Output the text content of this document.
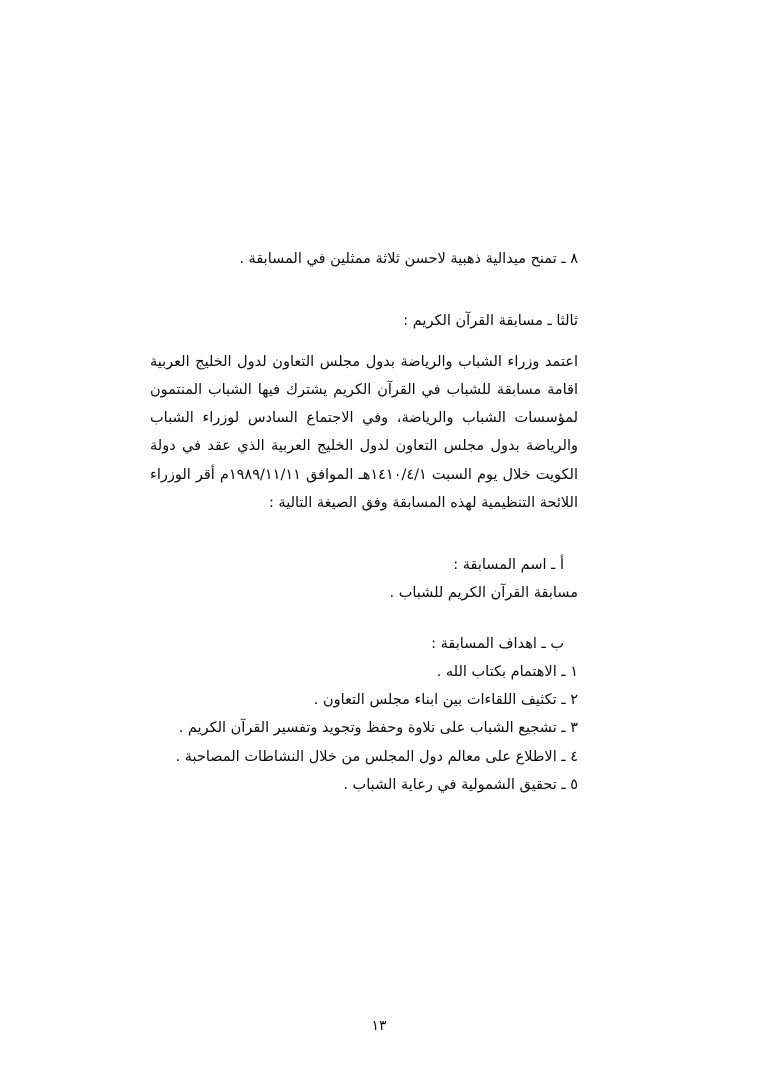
٨ ـ تمنح ميدالية ذهبية لاحسن ثلاثة ممثلين في المسابقة .

ثالثا ـ مسابقة القرآن الكريم :

اعتمد وزراء الشباب والرياضة بدول مجلس التعاون لدول الخليج العربية اقامة مسابقة للشباب في القرآن الكريم يشترك فيها الشباب المنتمون لمؤسسات الشباب والرياضة، وفي الاجتماع السادس لوزراء الشباب والرياضة بدول مجلس التعاون لدول الخليج العربية الذي عقد في دولة الكويت خلال يوم السبت ١٤١٠/٤/١هـ الموافق ١٩٨٩/١١/١١م أقر الوزراء اللائحة التنظيمية لهذه المسابقة وفق الصيغة التالية :

أ ـ اسم المسابقة :

مسابقة القرآن الكريم للشباب .

ب ـ اهداف المسابقة :

١ ـ الاهتمام بكتاب الله .
٢ ـ تكثيف اللقاءات بين ابناء مجلس التعاون .
٣ ـ تشجيع الشباب على تلاوة وحفظ وتجويد وتفسير القرآن الكريم .
٤ ـ الاطلاع على معالم دول المجلس من خلال النشاطات المصاحبة .
٥ ـ تحقيق الشمولية في رعاية الشباب .
١٣
